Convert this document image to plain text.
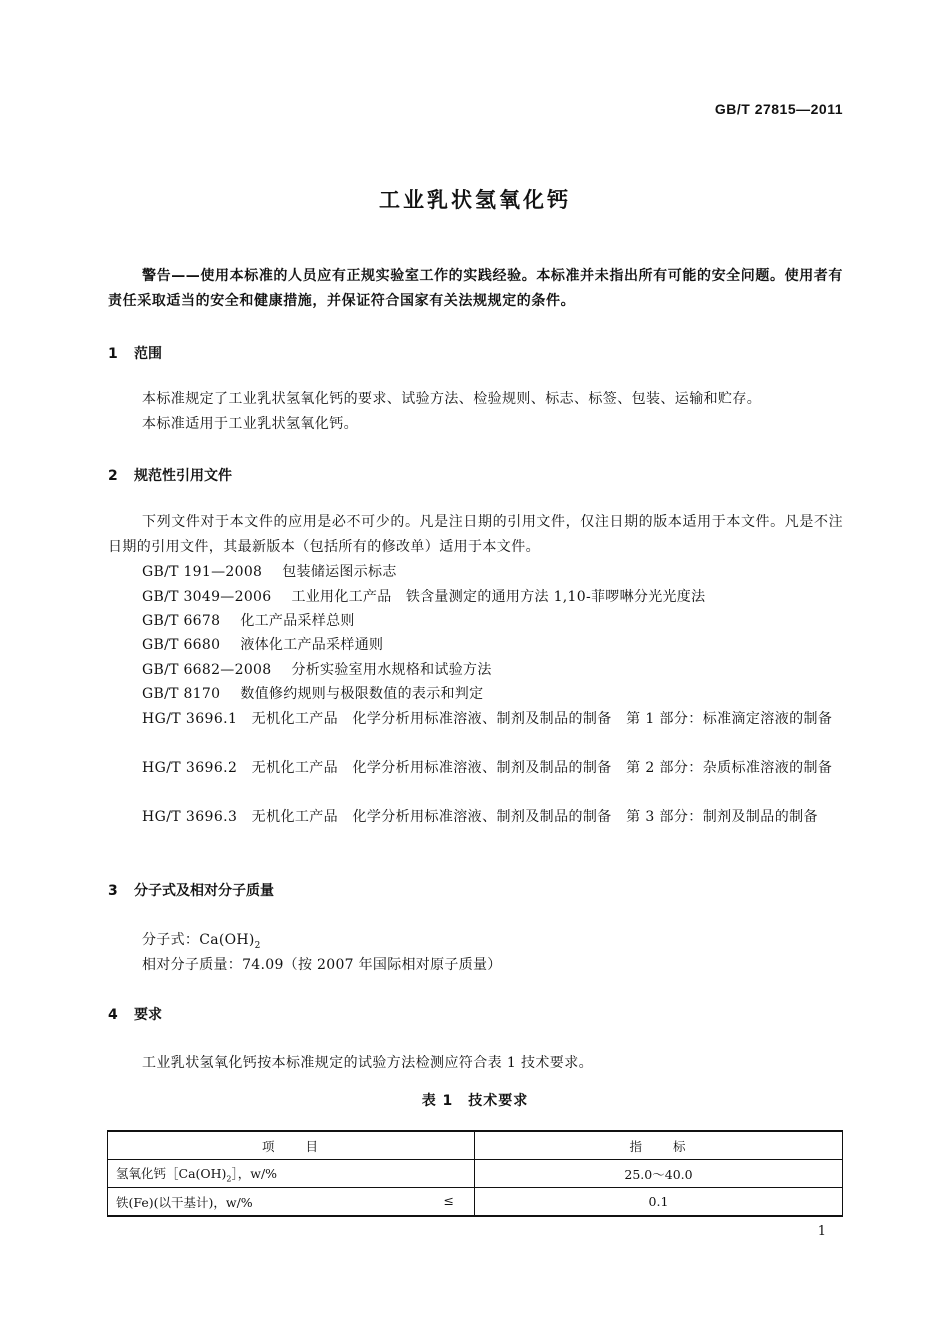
GB/T 27815—2011
工业乳状氢氧化钙
警告——使用本标准的人员应有正规实验室工作的实践经验。本标准并未指出所有可能的安全问题。使用者有责任采取适当的安全和健康措施，并保证符合国家有关法规规定的条件。
1 范围
本标准规定了工业乳状氢氧化钙的要求、试验方法、检验规则、标志、标签、包装、运输和贮存。
本标准适用于工业乳状氢氧化钙。
2 规范性引用文件
下列文件对于本文件的应用是必不可少的。凡是注日期的引用文件，仅注日期的版本适用于本文件。凡是不注日期的引用文件，其最新版本（包括所有的修改单）适用于本文件。
GB/T 191—2008 包装储运图示标志
GB/T 3049—2006 工业用化工产品　铁含量测定的通用方法 1,10-菲啰啉分光光度法
GB/T 6678 化工产品采样总则
GB/T 6680 液体化工产品采样通则
GB/T 6682—2008 分析实验室用水规格和试验方法
GB/T 8170 数值修约规则与极限数值的表示和判定
HG/T 3696.1　无机化工产品　化学分析用标准溶液、制剂及制品的制备　第 1 部分：标准滴定溶液的制备
HG/T 3696.2　无机化工产品　化学分析用标准溶液、制剂及制品的制备　第 2 部分：杂质标准溶液的制备
HG/T 3696.3　无机化工产品　化学分析用标准溶液、制剂及制品的制备　第 3 部分：制剂及制品的制备
3 分子式及相对分子质量
分子式：$Ca(OH)_2$
相对分子质量：74.09（按 2007 年国际相对原子质量）
4 要求
工业乳状氢氧化钙按本标准规定的试验方法检测应符合表 1 技术要求。
表 1　技术要求
项　　目	指　　标
氢氧化钙$[Ca(OH)_2]$，w/%	25.0～40.0
铁(Fe)(以干基计)，w/% ≤	0.1
1
